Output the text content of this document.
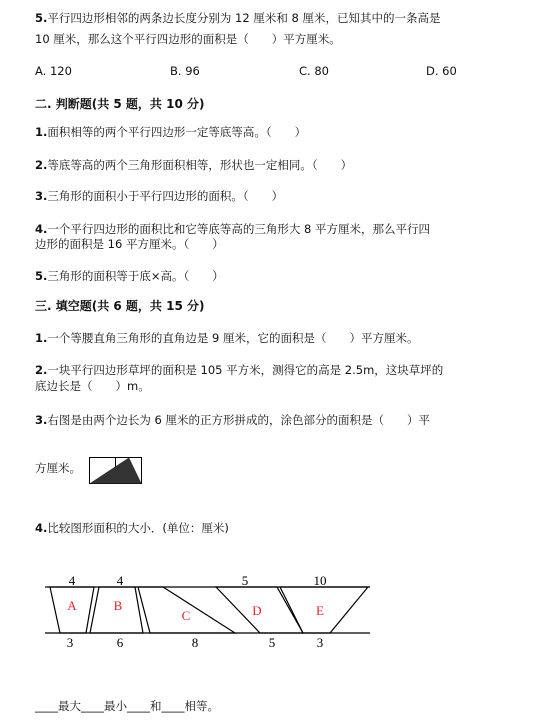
5.平行四边形相邻的两条边长度分别为 12 厘米和 8 厘米，已知其中的一条高是
10 厘米，那么这个平行四边形的面积是（　　）平方厘米。
A. 120	B. 96	C. 80	D. 60
二. 判断题(共 5 题，共 10 分)
1.面积相等的两个平行四边形一定等底等高。（　　）
2.等底等高的两个三角形面积相等，形状也一定相同。（　　）
3.三角形的面积小于平行四边形的面积。（　　）
4.一个平行四边形的面积比和它等底等高的三角形大 8 平方厘米，那么平行四
边形的面积是 16 平方厘米。（　　）
5.三角形的面积等于底×高。（　　）
三. 填空题(共 6 题，共 15 分)
1.一个等腰直角三角形的直角边是 9 厘米，它的面积是（　　）平方厘米。
2.一块平行四边形草坪的面积是 105 平方米，测得它的高是 2.5m，这块草坪的
底边长是（　　）m。
3.右图是由两个边长为 6 厘米的正方形拼成的，涂色部分的面积是（　　）平
方厘米。
4.比较图形面积的大小．(单位：厘米)
4	4	5	10
3	6	8	5	3
A	B
C	D	E
____最大____最小____和____相等。
